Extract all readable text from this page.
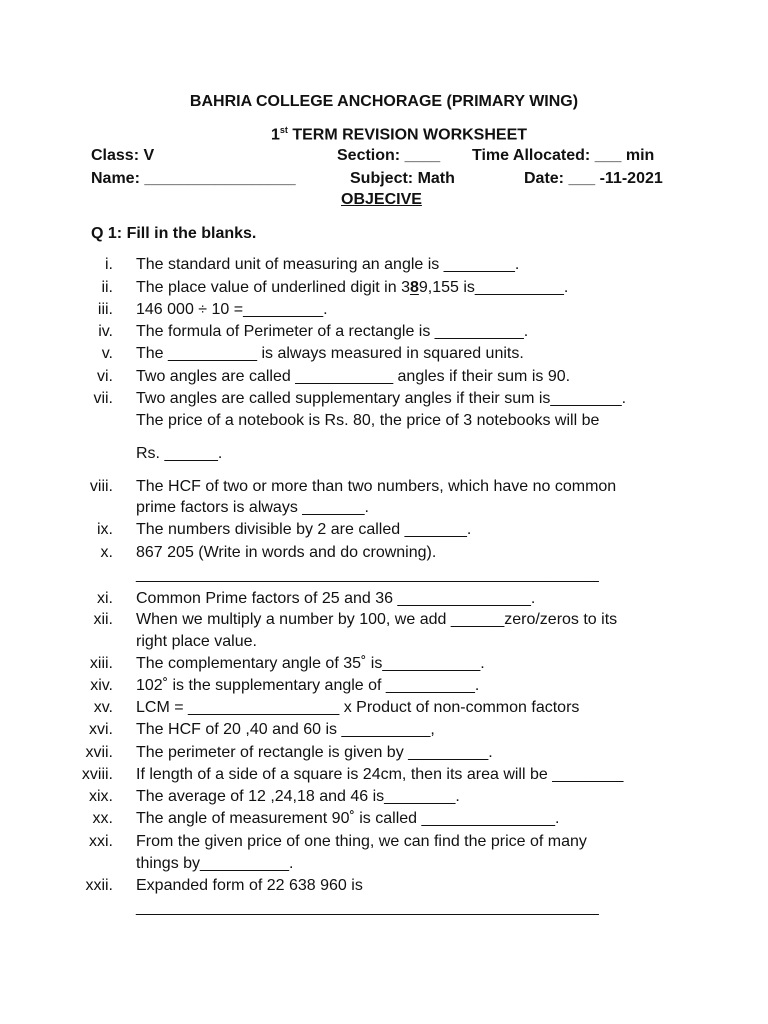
BAHRIA COLLEGE ANCHORAGE (PRIMARY WING)
1st TERM REVISION WORKSHEET
Class: V	Section: ____ Time Allocated: ___ min
Name: _________________	Subject: Math	Date: ___ -11-2021
OBJECIVE
Q 1: Fill in the blanks.
i. The standard unit of measuring an angle is ________.
ii. The place value of underlined digit in 389,155 is__________.
iii. 146 000 ÷ 10 =_________.
iv. The formula of Perimeter of a rectangle is __________.
v. The __________ is always measured in squared units.
vi. Two angles are called ___________ angles if their sum is 90.
vii. Two angles are called supplementary angles if their sum is________.
The price of a notebook is Rs. 80, the price of 3 notebooks will be
Rs. ______.
viii. The HCF of two or more than two numbers, which have no common
prime factors is always _______.
ix. The numbers divisible by 2 are called _______.
x. 867 205 (Write in words and do crowning).
____________________________________________________
xi. Common Prime factors of 25 and 36 _______________.
xii. When we multiply a number by 100, we add ______zero/zeros to its
right place value.
xiii. The complementary angle of 35˚ is___________.
xiv. 102˚ is the supplementary angle of __________.
xv. LCM = _________________ x Product of non-common factors
xvi. The HCF of 20 ,40 and 60 is __________,
xvii. The perimeter of rectangle is given by _________.
xviii. If length of a side of a square is 24cm, then its area will be ________
xix. The average of 12 ,24,18 and 46 is________.
xx. The angle of measurement 90˚ is called _______________.
xxi. From the given price of one thing, we can find the price of many
things by__________.
xxii. Expanded form of 22 638 960 is
____________________________________________________
